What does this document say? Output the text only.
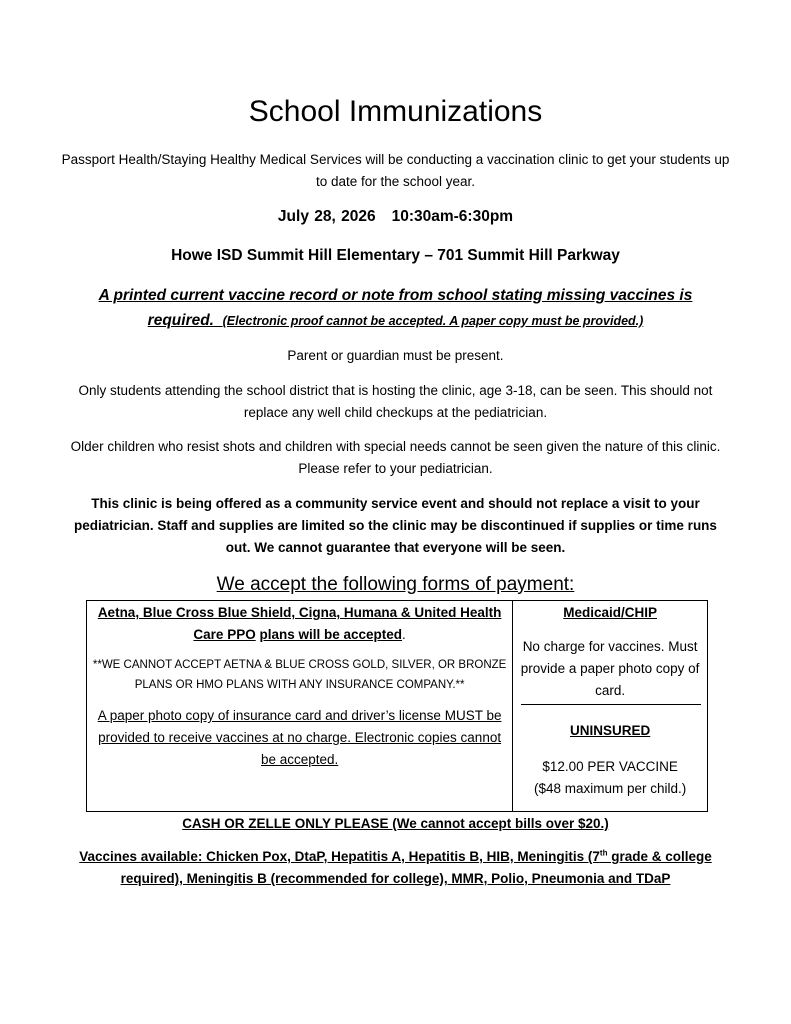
School Immunizations
Passport Health/Staying Healthy Medical Services will be conducting a vaccination clinic to get your students up to date for the school year.
July 28, 2026 10:30am-6:30pm
Howe ISD Summit Hill Elementary – 701 Summit Hill Parkway
A printed current vaccine record or note from school stating missing vaccines is required. (Electronic proof cannot be accepted. A paper copy must be provided.)
Parent or guardian must be present.
Only students attending the school district that is hosting the clinic, age 3-18, can be seen. This should not replace any well child checkups at the pediatrician.
Older children who resist shots and children with special needs cannot be seen given the nature of this clinic. Please refer to your pediatrician.
This clinic is being offered as a community service event and should not replace a visit to your pediatrician. Staff and supplies are limited so the clinic may be discontinued if supplies or time runs out. We cannot guarantee that everyone will be seen.
We accept the following forms of payment:
Aetna, Blue Cross Blue Shield, Cigna, Humana & United Health Care PPO plans will be accepted.
**WE CANNOT ACCEPT AETNA & BLUE CROSS GOLD, SILVER, OR BRONZE PLANS OR HMO PLANS WITH ANY INSURANCE COMPANY.**
A paper photo copy of insurance card and driver’s license MUST be provided to receive vaccines at no charge. Electronic copies cannot be accepted.

Medicaid/CHIP
No charge for vaccines. Must provide a paper photo copy of card.
UNINSURED
$12.00 PER VACCINE
($48 maximum per child.)
CASH OR ZELLE ONLY PLEASE (We cannot accept bills over $20.)
Vaccines available: Chicken Pox, DtaP, Hepatitis A, Hepatitis B, HIB, Meningitis (7th grade & college required), Meningitis B (recommended for college), MMR, Polio, Pneumonia and TDaP
